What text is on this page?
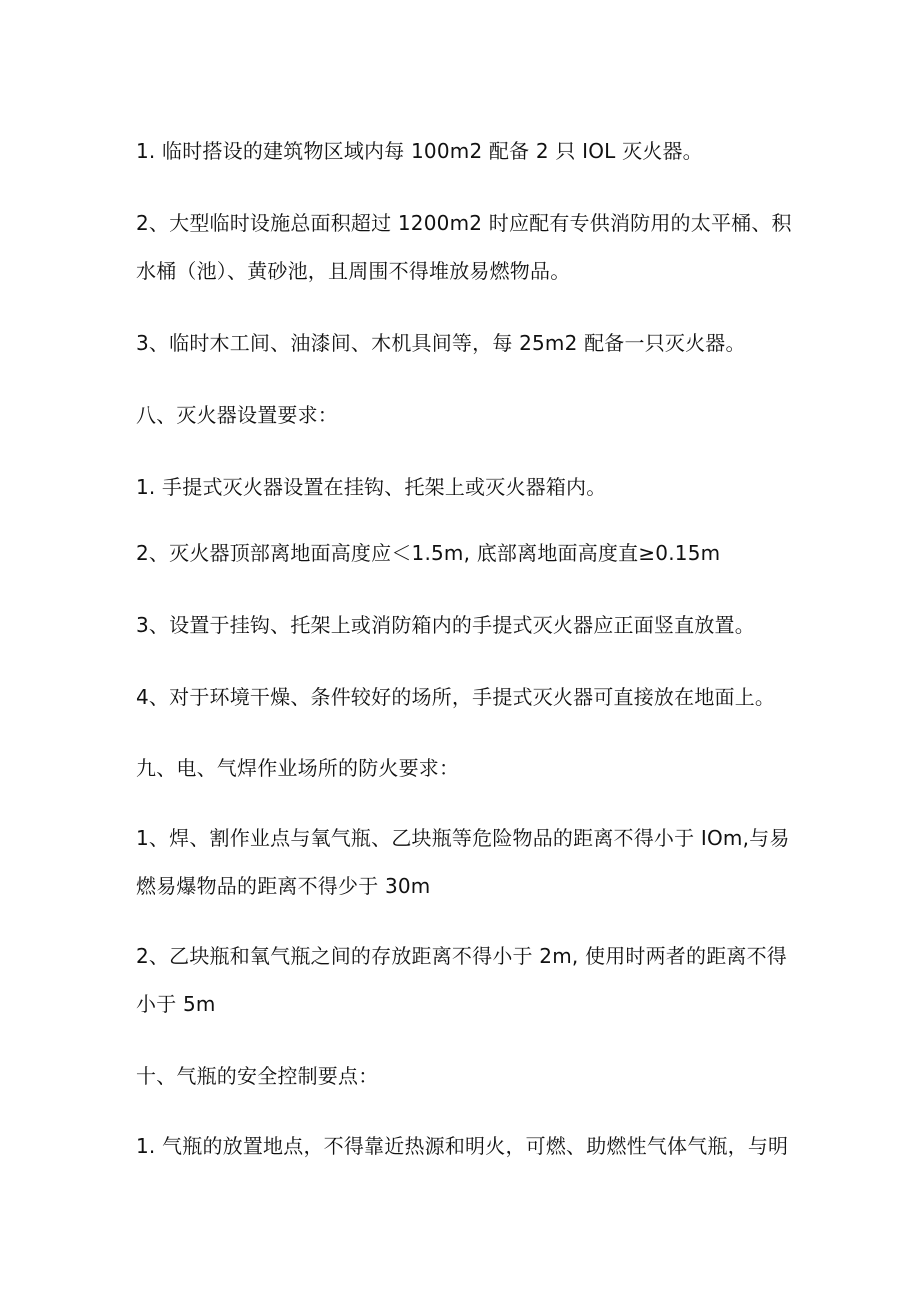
1. 临时搭设的建筑物区域内每 100m2 配备 2 只 IOL 灭火器。
2、大型临时设施总面积超过 1200m2 时应配有专供消防用的太平桶、积
水桶（池）、黄砂池，且周围不得堆放易燃物品。
3、临时木工间、油漆间、木机具间等，每 25m2 配备一只灭火器。
八、灭火器设置要求：
1. 手提式灭火器设置在挂钩、托架上或灭火器箱内。
2、灭火器顶部离地面高度应＜1.5m, 底部离地面高度直≥0.15m
3、设置于挂钩、托架上或消防箱内的手提式灭火器应正面竖直放置。
4、对于环境干燥、条件较好的场所，手提式灭火器可直接放在地面上。
九、电、气焊作业场所的防火要求：
1、焊、割作业点与氧气瓶、乙块瓶等危险物品的距离不得小于 IOm,与易
燃易爆物品的距离不得少于 30m
2、乙块瓶和氧气瓶之间的存放距离不得小于 2m, 使用时两者的距离不得
小于 5m
十、气瓶的安全控制要点：
1. 气瓶的放置地点，不得靠近热源和明火，可燃、助燃性气体气瓶，与明
